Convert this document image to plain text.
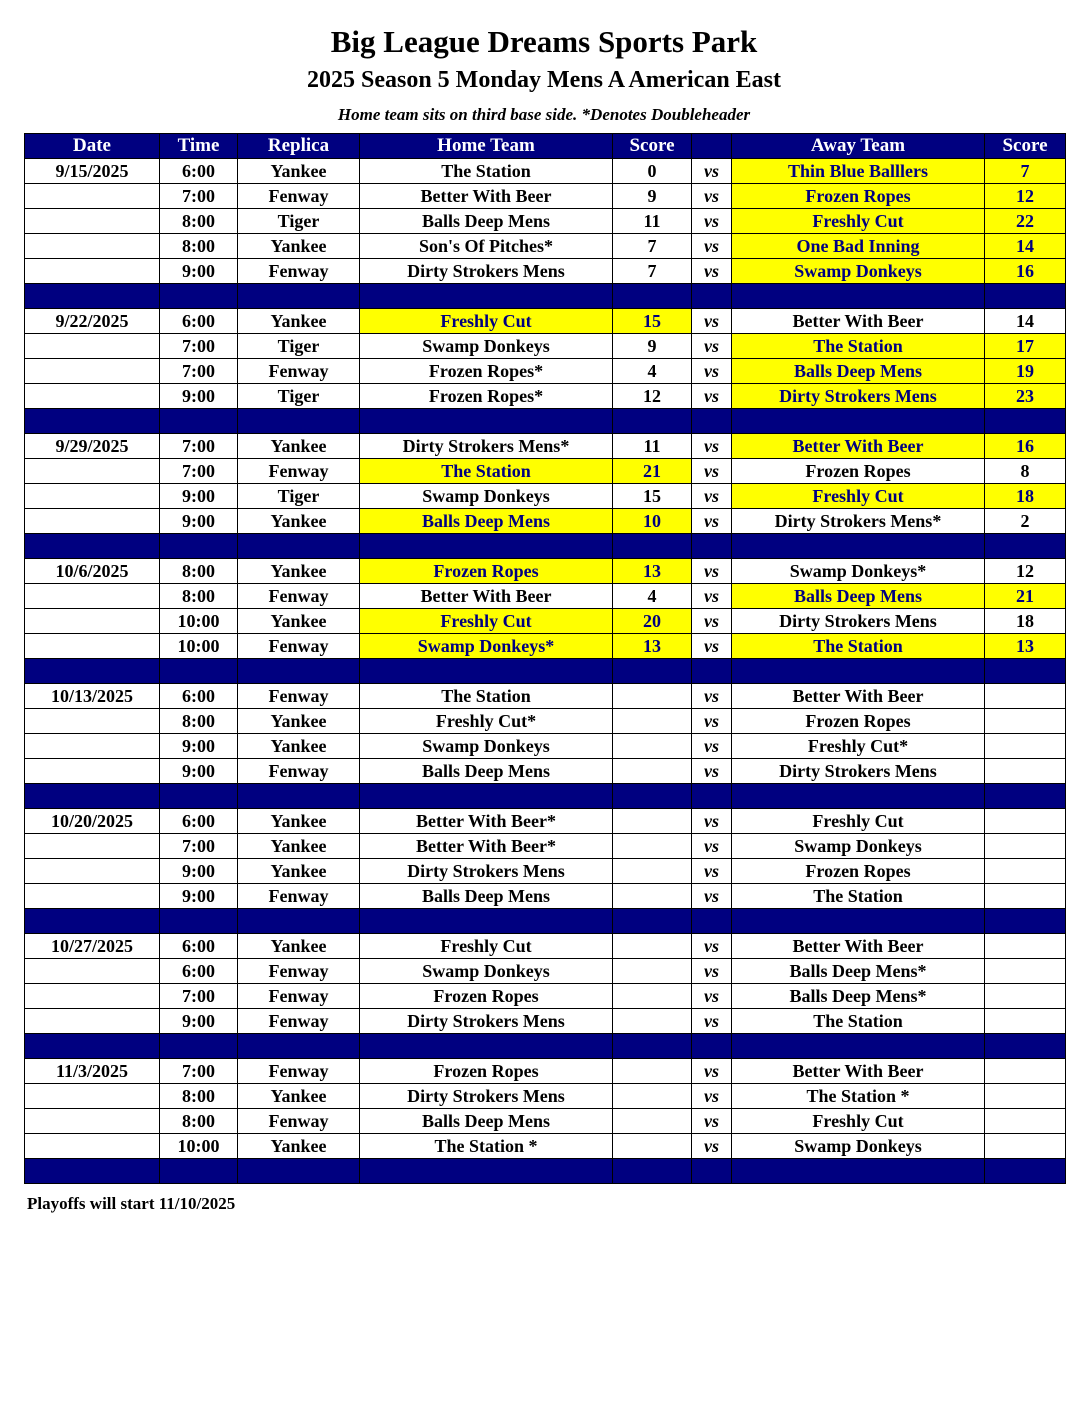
Big League Dreams Sports Park
2025 Season 5 Monday Mens A American East
Home team sits on third base side. *Denotes Doubleheader
Date	Time	Replica	Home Team	Score		Away Team	Score
9/15/2025	6:00	Yankee	The Station	0	vs	Thin Blue Balllers	7
	7:00	Fenway	Better With Beer	9	vs	Frozen Ropes	12
	8:00	Tiger	Balls Deep Mens	11	vs	Freshly Cut	22
	8:00	Yankee	Son's Of Pitches*	7	vs	One Bad Inning	14
	9:00	Fenway	Dirty Strokers Mens	7	vs	Swamp Donkeys	16

9/22/2025	6:00	Yankee	Freshly Cut	15	vs	Better With Beer	14
	7:00	Tiger	Swamp Donkeys	9	vs	The Station	17
	7:00	Fenway	Frozen Ropes*	4	vs	Balls Deep Mens	19
	9:00	Tiger	Frozen Ropes*	12	vs	Dirty Strokers Mens	23

9/29/2025	7:00	Yankee	Dirty Strokers Mens*	11	vs	Better With Beer	16
	7:00	Fenway	The Station	21	vs	Frozen Ropes	8
	9:00	Tiger	Swamp Donkeys	15	vs	Freshly Cut	18
	9:00	Yankee	Balls Deep Mens	10	vs	Dirty Strokers Mens*	2

10/6/2025	8:00	Yankee	Frozen Ropes	13	vs	Swamp Donkeys*	12
	8:00	Fenway	Better With Beer	4	vs	Balls Deep Mens	21
	10:00	Yankee	Freshly Cut	20	vs	Dirty Strokers Mens	18
	10:00	Fenway	Swamp Donkeys*	13	vs	The Station	13

10/13/2025	6:00	Fenway	The Station		vs	Better With Beer	
	8:00	Yankee	Freshly Cut*		vs	Frozen Ropes	
	9:00	Yankee	Swamp Donkeys		vs	Freshly Cut*	
	9:00	Fenway	Balls Deep Mens		vs	Dirty Strokers Mens	

10/20/2025	6:00	Yankee	Better With Beer*		vs	Freshly Cut	
	7:00	Yankee	Better With Beer*		vs	Swamp Donkeys	
	9:00	Yankee	Dirty Strokers Mens		vs	Frozen Ropes	
	9:00	Fenway	Balls Deep Mens		vs	The Station	

10/27/2025	6:00	Yankee	Freshly Cut		vs	Better With Beer	
	6:00	Fenway	Swamp Donkeys		vs	Balls Deep Mens*	
	7:00	Fenway	Frozen Ropes		vs	Balls Deep Mens*	
	9:00	Fenway	Dirty Strokers Mens		vs	The Station	

11/3/2025	7:00	Fenway	Frozen Ropes		vs	Better With Beer	
	8:00	Yankee	Dirty Strokers Mens		vs	The Station *	
	8:00	Fenway	Balls Deep Mens		vs	Freshly Cut	
	10:00	Yankee	The Station *		vs	Swamp Donkeys	

Playoffs will start 11/10/2025
